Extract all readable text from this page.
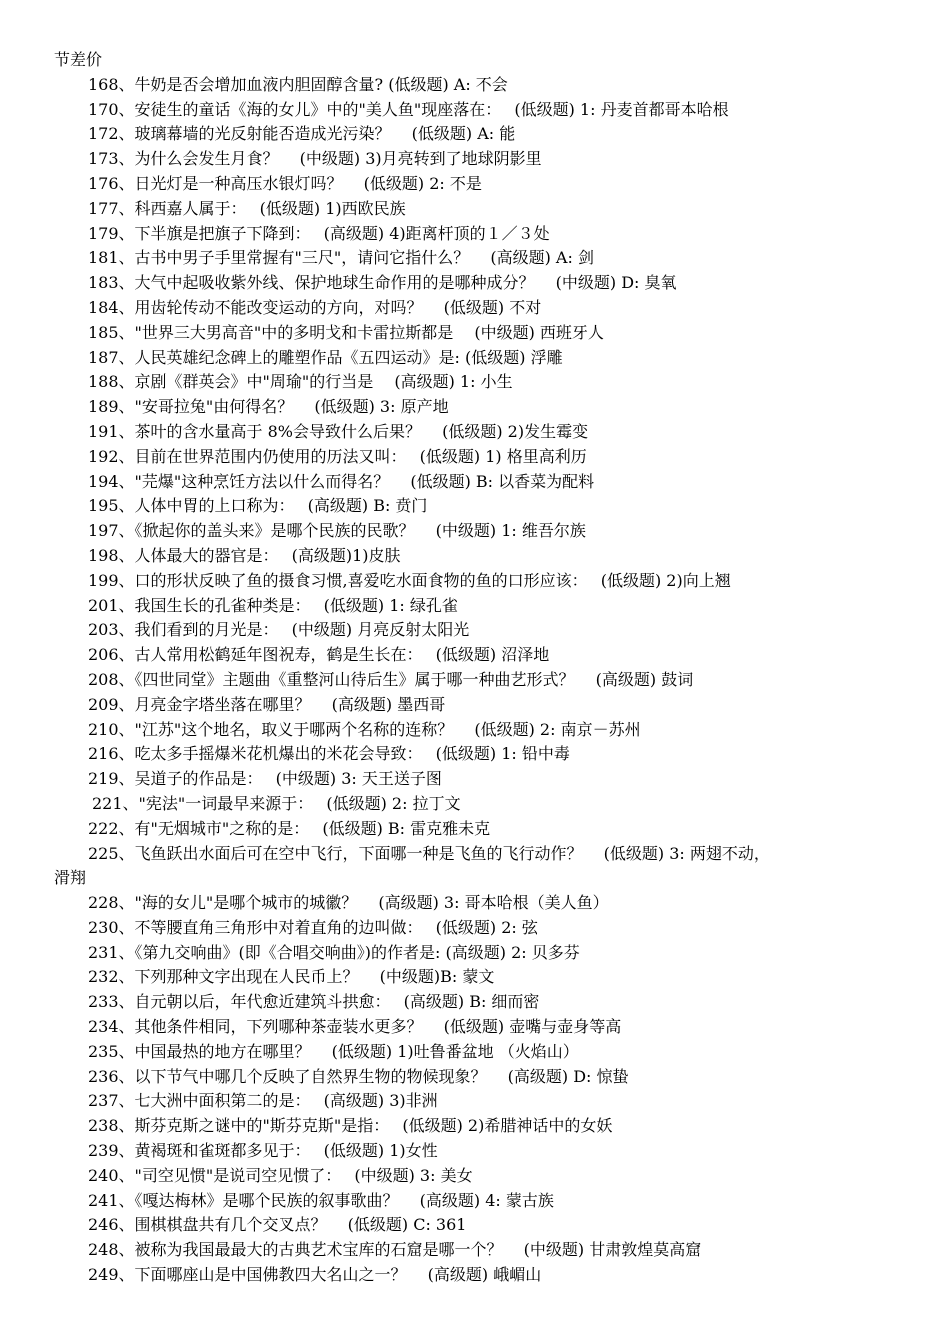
节差价
168、牛奶是否会增加血液内胆固醇含量? (低级题) A: 不会
170、安徒生的童话《海的女儿》中的"美人鱼"现座落在：　 (低级题) 1: 丹麦首都哥本哈根
172、玻璃幕墙的光反射能否造成光污染？　 (低级题) A: 能
173、为什么会发生月食？　 (中级题) 3)月亮转到了地球阴影里
176、日光灯是一种高压水银灯吗？　 (低级题) 2: 不是
177、科西嘉人属于：　 (低级题) 1)西欧民族
179、下半旗是把旗子下降到：　 (高级题) 4)距离杆顶的１／３处
181、古书中男子手里常握有"三尺"，请问它指什么？　 (高级题) A: 剑
183、大气中起吸收紫外线、保护地球生命作用的是哪种成分？　 (中级题) D: 臭氧
184、用齿轮传动不能改变运动的方向，对吗？　 (低级题) 不对
185、"世界三大男高音"中的多明戈和卡雷拉斯都是　 (中级题) 西班牙人
187、人民英雄纪念碑上的雕塑作品《五四运动》是: (低级题) 浮雕
188、京剧《群英会》中"周瑜"的行当是　 (高级题) 1: 小生
189、"安哥拉兔"由何得名？　 (低级题) 3: 原产地
191、茶叶的含水量高于 8%会导致什么后果？　 (低级题) 2)发生霉变
192、目前在世界范围内仍使用的历法又叫：　 (低级题) 1) 格里高利历
194、"芫爆"这种烹饪方法以什么而得名？　 (低级题) B: 以香菜为配料
195、人体中胃的上口称为：　 (高级题) B: 贲门
197、《掀起你的盖头来》是哪个民族的民歌？　 (中级题) 1: 维吾尔族
198、人体最大的器官是：　 (高级题)1)皮肤
199、口的形状反映了鱼的摄食习惯,喜爱吃水面食物的鱼的口形应该：　 (低级题) 2)向上翘
201、我国生长的孔雀种类是：　 (低级题) 1: 绿孔雀
203、我们看到的月光是：　 (中级题) 月亮反射太阳光
206、古人常用松鹤延年图祝寿，鹤是生长在：　 (低级题) 沼泽地
208、《四世同堂》主题曲《重整河山待后生》属于哪一种曲艺形式？　 (高级题) 鼓词
209、月亮金字塔坐落在哪里？　 (高级题) 墨西哥
210、"江苏"这个地名，取义于哪两个名称的连称？　 (低级题) 2: 南京－苏州
216、吃太多手摇爆米花机爆出的米花会导致：　 (低级题) 1: 铅中毒
219、吴道子的作品是：　 (中级题) 3: 天王送子图
221、"宪法"一词最早来源于：　 (低级题) 2: 拉丁文
222、有"无烟城市"之称的是：　 (低级题) B: 雷克雅未克
225、飞鱼跃出水面后可在空中飞行，下面哪一种是飞鱼的飞行动作？　 (低级题) 3: 两翅不动，
滑翔
228、"海的女儿"是哪个城市的城徽？　 (高级题) 3: 哥本哈根（美人鱼）
230、不等腰直角三角形中对着直角的边叫做：　 (低级题) 2: 弦
231、《第九交响曲》(即《合唱交响曲》)的作者是: (高级题) 2: 贝多芬
232、下列那种文字出现在人民币上？　 (中级题)B: 蒙文
233、自元朝以后，年代愈近建筑斗拱愈：　 (高级题) B: 细而密
234、其他条件相同，下列哪种茶壶装水更多？　 (低级题) 壶嘴与壶身等高
235、中国最热的地方在哪里？　 (低级题) 1)吐鲁番盆地 （火焰山）
236、以下节气中哪几个反映了自然界生物的物候现象？　 (高级题) D: 惊蛰
237、七大洲中面积第二的是：　 (高级题) 3)非洲
238、斯芬克斯之谜中的"斯芬克斯"是指：　 (低级题) 2)希腊神话中的女妖
239、黄褐斑和雀斑都多见于：　 (低级题) 1)女性
240、"司空见惯"是说司空见惯了：　 (中级题) 3: 美女
241、《嘎达梅林》是哪个民族的叙事歌曲？　 (高级题) 4: 蒙古族
246、围棋棋盘共有几个交叉点？　 (低级题) C: 361
248、被称为我国最最大的古典艺术宝库的石窟是哪一个？　 (中级题) 甘肃敦煌莫高窟
249、下面哪座山是中国佛教四大名山之一？　 (高级题) 峨嵋山
